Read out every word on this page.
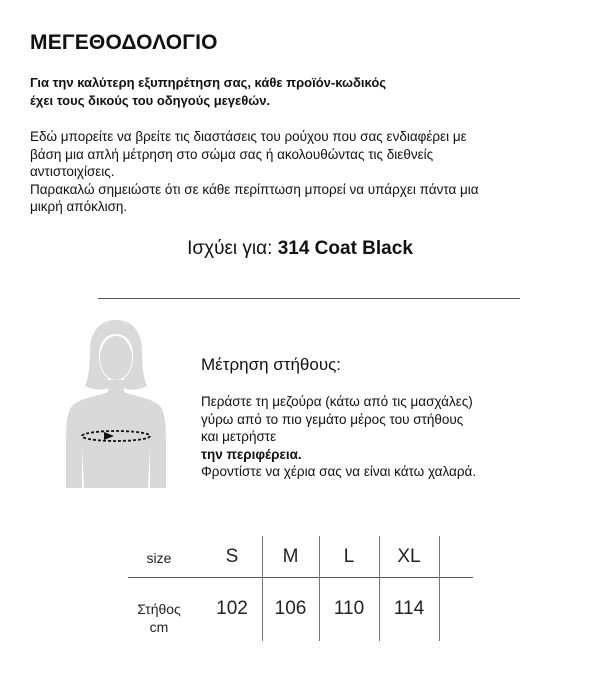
ΜΕΓΕΘΟΔΟΛΟΓΙΟ
Για την καλύτερη εξυπηρέτηση σας, κάθε προϊόν-κωδικός
έχει τους δικούς του οδηγούς μεγεθών.
Εδώ μπορείτε να βρείτε τις διαστάσεις του ρούχου που σας ενδιαφέρει με
βάση μια απλή μέτρηση στο σώμα σας ή ακολουθώντας τις διεθνείς
αντιστοιχίσεις.
Παρακαλώ σημειώστε ότι σε κάθε περίπτωση μπορεί να υπάρχει πάντα μια
μικρή απόκλιση.
Ισχύει για: 314 Coat Black
Μέτρηση στήθους:
Περάστε τη μεζούρα (κάτω από τις μασχάλες)
γύρω από το πιο γεμάτο μέρος του στήθους
και μετρήστε
την περιφέρεια.
Φροντίστε να χέρια σας να είναι κάτω χαλαρά.
size	S	M	L	XL
Στήθος
cm
102	106	110	114
